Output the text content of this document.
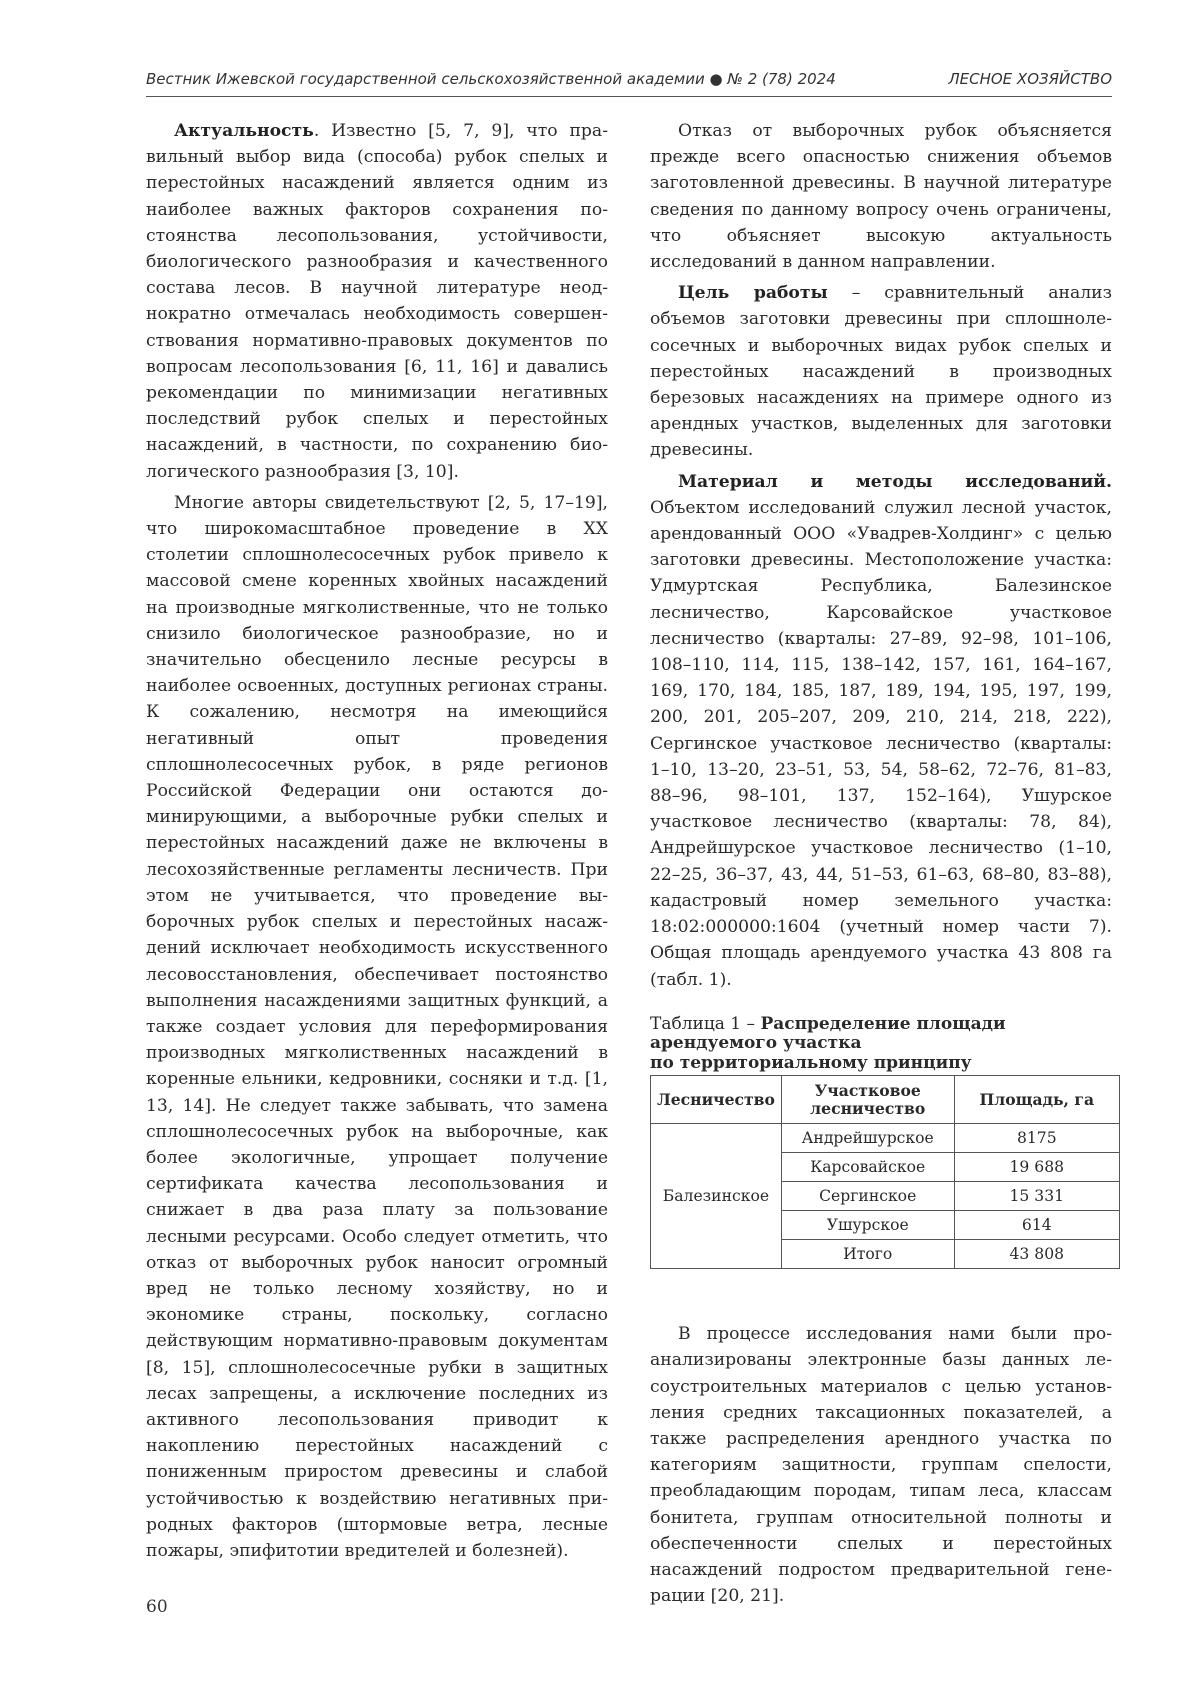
Вестник Ижевской государственной сельскохозяйственной академии ● № 2 (78) 2024	ЛЕСНОЕ ХОЗЯЙСТВО

Актуальность. Известно [5, 7, 9], что правильный выбор вида (способа) рубок спелых и перестойных насаждений является одним из наиболее важных факторов сохранения постоянства лесопользования, устойчивости, биологического разнообразия и качественного состава лесов. В научной литературе неоднократно отмечалась необходимость совершенствования нормативно-правовых документов по вопросам лесопользования [6, 11, 16] и давались рекомендации по минимизации негативных последствий рубок спелых и перестойных насаждений, в частности, по сохранению биологического разнообразия [3, 10].

Многие авторы свидетельствуют [2, 5, 17–19], что широкомасштабное проведение в XX столетии сплошнолесосечных рубок привело к массовой смене коренных хвойных насаждений на производные мягколиственные, что не только снизило биологическое разнообразие, но и значительно обесценило лесные ресурсы в наиболее освоенных, доступных регионах страны. К сожалению, несмотря на имеющийся негативный опыт проведения сплошнолесосечных рубок, в ряде регионов Российской Федерации они остаются доминирующими, а выборочные рубки спелых и перестойных насаждений даже не включены в лесохозяйственные регламенты лесничеств. При этом не учитывается, что проведение выборочных рубок спелых и перестойных насаждений исключает необходимость искусственного лесовосстановления, обеспечивает постоянство выполнения насаждениями защитных функций, а также создает условия для переформирования производных мягколиственных насаждений в коренные ельники, кедровники, сосняки и т.д. [1, 13, 14]. Не следует также забывать, что замена сплошнолесосечных рубок на выборочные, как более экологичные, упрощает получение сертификата качества лесопользования и снижает в два раза плату за пользование лесными ресурсами. Особо следует отметить, что отказ от выборочных рубок наносит огромный вред не только лесному хозяйству, но и экономике страны, поскольку, согласно действующим нормативно-правовым документам [8, 15], сплошнолесосечные рубки в защитных лесах запрещены, а исключение последних из активного лесопользования приводит к накоплению перестойных насаждений с пониженным приростом древесины и слабой устойчивостью к воздействию негативных природных факторов (штормовые ветра, лесные пожары, эпифитотии вредителей и болезней).

Отказ от выборочных рубок объясняется прежде всего опасностью снижения объемов заготовленной древесины. В научной литературе сведения по данному вопросу очень ограничены, что объясняет высокую актуальность исследований в данном направлении.

Цель работы – сравнительный анализ объемов заготовки древесины при сплошнолесосечных и выборочных видах рубок спелых и перестойных насаждений в производных березовых насаждениях на примере одного из арендных участков, выделенных для заготовки древесины.

Материал и методы исследований. Объектом исследований служил лесной участок, арендованный ООО «Увадрев-Холдинг» с целью заготовки древесины. Местоположение участка: Удмуртская Республика, Балезинское лесничество, Карсовайское участковое лесничество (кварталы: 27–89, 92–98, 101–106, 108–110, 114, 115, 138–142, 157, 161, 164–167, 169, 170, 184, 185, 187, 189, 194, 195, 197, 199, 200, 201, 205–207, 209, 210, 214, 218, 222), Сергинское участковое лесничество (кварталы: 1–10, 13–20, 23–51, 53, 54, 58–62, 72–76, 81–83, 88–96, 98–101, 137, 152–164), Ушурское участковое лесничество (кварталы: 78, 84), Андрейшурское участковое лесничество (1–10, 22–25, 36–37, 43, 44, 51–53, 61–63, 68–80, 83–88), кадастровый номер земельного участка: 18:02:000000:1604 (учетный номер части 7). Общая площадь арендуемого участка 43 808 га (табл. 1).

Таблица 1 – Распределение площади
арендуемого участка
по территориальному принципу
Лесничество	Участковое лесничество	Площадь, га
Балезинское	Андрейшурское	8175
	Карсовайское	19 688
	Сергинское	15 331
	Ушурское	614
	Итого	43 808

В процессе исследования нами были проанализированы электронные базы данных лесоустроительных материалов с целью установления средних таксационных показателей, а также распределения арендного участка по категориям защитности, группам спелости, преобладающим породам, типам леса, классам бонитета, группам относительной полноты и обеспеченности спелых и перестойных насаждений подростом предварительной генерации [20, 21].

60
